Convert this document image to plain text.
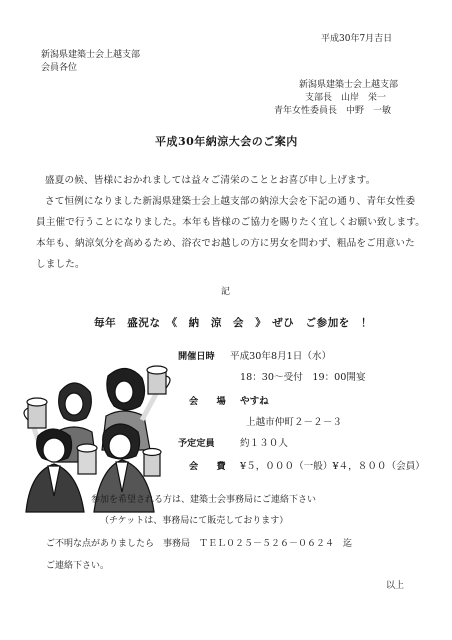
平成30年7月吉日
新潟県建築士会上越支部
会員各位
新潟県建築士会上越支部
支部長　山岸　栄一
青年女性委員長　中野　一敏
平成30年納涼大会のご案内
盛夏の候、皆様におかれましては益々ご清栄のこととお喜び申し上げます。
さて恒例になりました新潟県建築士会上越支部の納涼大会を下記の通り、青年女性委
員主催で行うことになりました。本年も皆様のご協力を賜りたく宜しくお願い致します。
本年も、納涼気分を高めるため、浴衣でお越しの方に男女を問わず、粗品をご用意いた
しました。
記
毎年　盛況な　《　納　涼　会　》　ぜひ　ご参加を　！
開催日時 平成30年8月1日（水）
18：30～受付　19：00開宴
会　　場 やすね
上越市仲町２－２－３
予定定員	約１３０人
会　　費 ¥５，０００（一般）¥４，８００（会員）
参加を希望される方は、建築士会事務局にご連絡下さい
（チケットは、事務局にて販売しております）
ご不明な点がありましたら　事務局　ＴＥＬ０２５－５２６－０６２４　迄
ご連絡下さい。
以上
